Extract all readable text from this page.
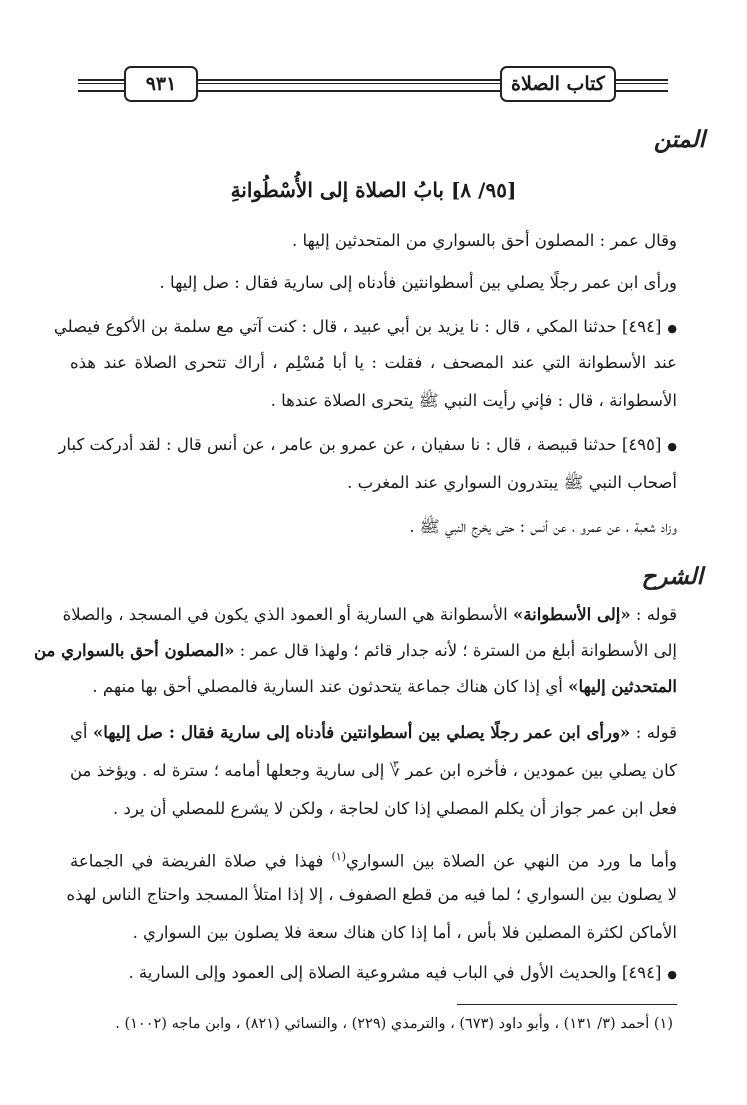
٩٣١	كتاب الصلاة
المتن
[٩٥/ ٨] بابُ الصلاة إلى الأُسْطُوانةِ
وقال عمر : المصلون أحق بالسواري من المتحدثين إليها .
ورأى ابن عمر رجلًا يصلي بين أسطوانتين فأدناه إلى سارية فقال : صل إليها .
● [٤٩٤] حدثنا المكي ، قال : نا يزيد بن أبي عبيد ، قال : كنت آتي مع سلمة بن الأكوع فيصلي
عند الأسطوانة التي عند المصحف ، فقلت : يا أبا مُسْلِم ، أراك تتحرى الصلاة عند هذه
الأسطوانة ، قال : فإني رأيت النبي ﷺ يتحرى الصلاة عندها .
● [٤٩٥] حدثنا قبيصة ، قال : نا سفيان ، عن عمرو بن عامر ، عن أنس قال : لقد أدركت كبار
أصحاب النبي ﷺ يبتدرون السواري عند المغرب .
وزاد شعبة ، عن عمرو ، عن أنس : حتى يخرج النبي ﷺ .
الشرح
قوله : «إلى الأسطوانة» الأسطوانة هي السارية أو العمود الذي يكون في المسجد ، والصلاة
إلى الأسطوانة أبلغ من السترة ؛ لأنه جدار قائم ؛ ولهذا قال عمر : «المصلون أحق بالسواري من
المتحدثين إليها» أي إذا كان هناك جماعة يتحدثون عند السارية فالمصلي أحق بها منهم .
قوله : «ورأى ابن عمر رجلًا يصلي بين أسطوانتين فأدناه إلى سارية فقال : صل إليها» أي
كان يصلي بين عمودين ، فأخره ابن عمر ؆ إلى سارية وجعلها أمامه ؛ سترة له . ويؤخذ من
فعل ابن عمر جواز أن يكلم المصلي إذا كان لحاجة ، ولكن لا يشرع للمصلي أن يرد .
وأما ما ورد من النهي عن الصلاة بين السواري$^{(١)}$ فهذا في صلاة الفريضة في الجماعة
لا يصلون بين السواري ؛ لما فيه من قطع الصفوف ، إلا إذا امتلأ المسجد واحتاج الناس لهذه
الأماكن لكثرة المصلين فلا بأس ، أما إذا كان هناك سعة فلا يصلون بين السواري .
● [٤٩٤] والحديث الأول في الباب فيه مشروعية الصلاة إلى العمود وإلى السارية .
(١) أحمد (٣/ ١٣١) ، وأبو داود (٦٧٣) ، والترمذي (٢٢٩) ، والنسائي (٨٢١) ، وابن ماجه (١٠٠٢) .
